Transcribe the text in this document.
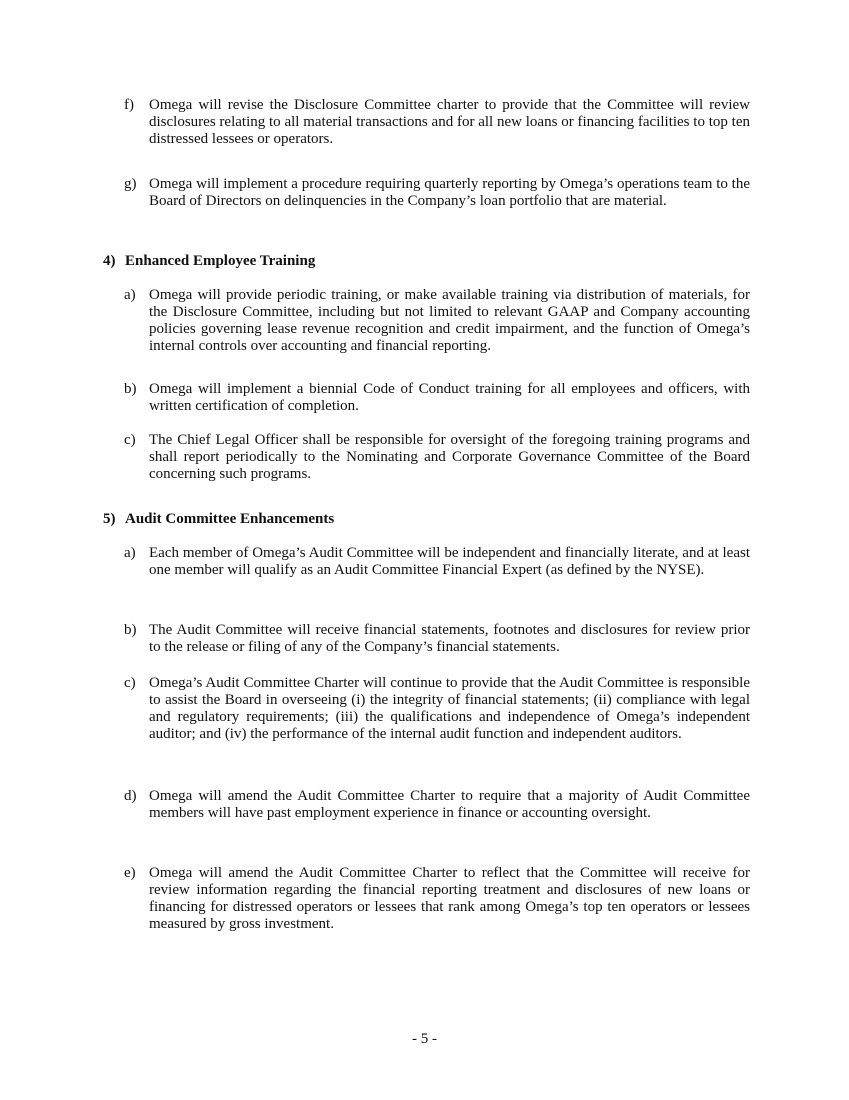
f) Omega will revise the Disclosure Committee charter to provide that the Committee will review disclosures relating to all material transactions and for all new loans or financing facilities to top ten distressed lessees or operators.
g) Omega will implement a procedure requiring quarterly reporting by Omega’s operations team to the Board of Directors on delinquencies in the Company’s loan portfolio that are material.
4) Enhanced Employee Training
a) Omega will provide periodic training, or make available training via distribution of materials, for the Disclosure Committee, including but not limited to relevant GAAP and Company accounting policies governing lease revenue recognition and credit impairment, and the function of Omega’s internal controls over accounting and financial reporting.
b) Omega will implement a biennial Code of Conduct training for all employees and officers, with written certification of completion.
c) The Chief Legal Officer shall be responsible for oversight of the foregoing training programs and shall report periodically to the Nominating and Corporate Governance Committee of the Board concerning such programs.
5) Audit Committee Enhancements
a) Each member of Omega’s Audit Committee will be independent and financially literate, and at least one member will qualify as an Audit Committee Financial Expert (as defined by the NYSE).
b) The Audit Committee will receive financial statements, footnotes and disclosures for review prior to the release or filing of any of the Company’s financial statements.
c) Omega’s Audit Committee Charter will continue to provide that the Audit Committee is responsible to assist the Board in overseeing (i) the integrity of financial statements; (ii) compliance with legal and regulatory requirements; (iii) the qualifications and independence of Omega’s independent auditor; and (iv) the performance of the internal audit function and independent auditors.
d) Omega will amend the Audit Committee Charter to require that a majority of Audit Committee members will have past employment experience in finance or accounting oversight.
e) Omega will amend the Audit Committee Charter to reflect that the Committee will receive for review information regarding the financial reporting treatment and disclosures of new loans or financing for distressed operators or lessees that rank among Omega’s top ten operators or lessees measured by gross investment.
- 5 -
